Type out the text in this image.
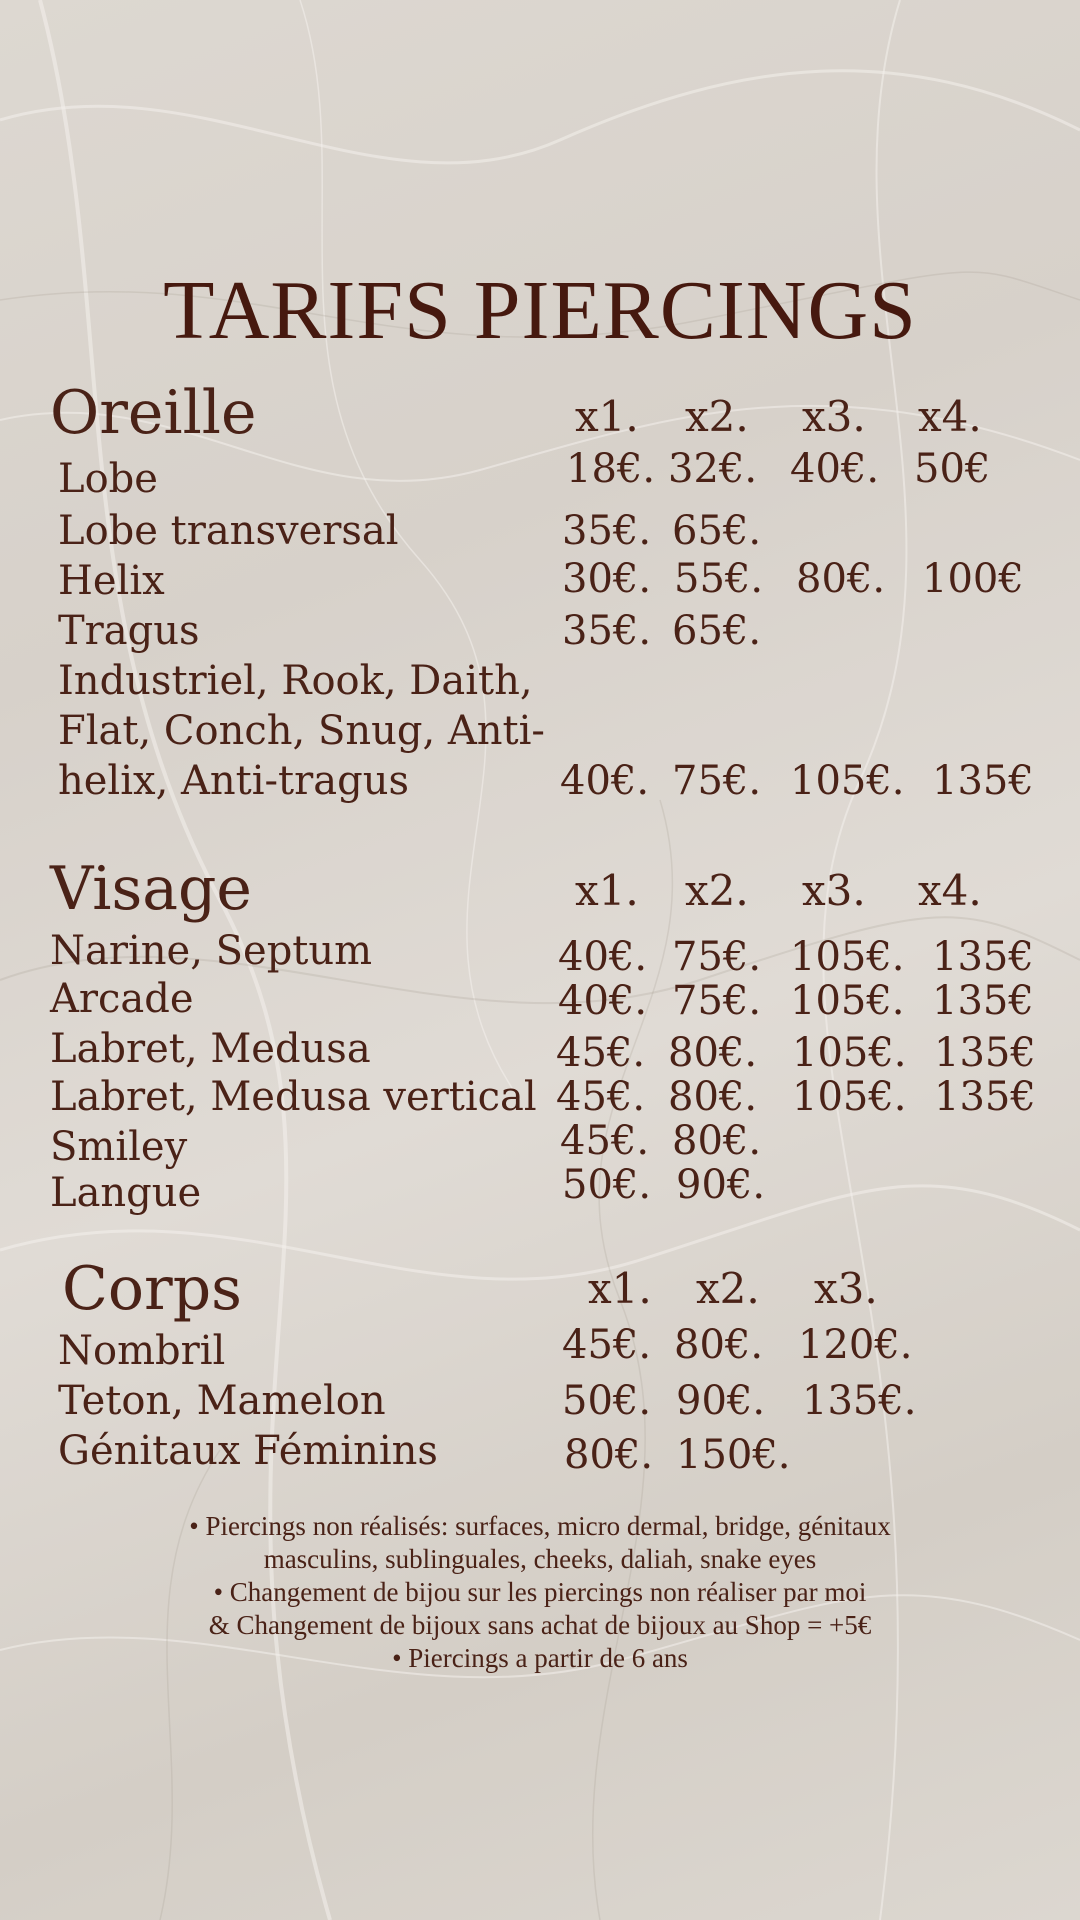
TARIFS PIERCINGS
Oreille	x1. x2. x3. x4.
Lobe	18€. 32€. 40€. 50€
Lobe transversal	35€. 65€.
Helix	30€. 55€. 80€. 100€
Tragus	35€. 65€.
Industriel, Rook, Daith,
Flat, Conch, Snug, Anti-
helix, Anti-tragus	40€. 75€. 105€. 135€
Visage	x1. x2. x3. x4.
Narine, Septum	40€. 75€. 105€. 135€
Arcade	40€. 75€. 105€. 135€
Labret, Medusa	45€. 80€. 105€. 135€
Labret, Medusa vertical 45€. 80€. 105€. 135€
Smiley	45€. 80€.
Langue	50€. 90€.
Corps	x1. x2. x3.
Nombril	45€. 80€. 120€.
Teton, Mamelon	50€. 90€. 135€.
Génitaux Féminins	80€. 150€.
• Piercings non réalisés: surfaces, micro dermal, bridge, génitaux
masculins, sublinguales, cheeks, daliah, snake eyes
• Changement de bijou sur les piercings non réaliser par moi
& Changement de bijoux sans achat de bijoux au Shop = +5€
• Piercings a partir de 6 ans
